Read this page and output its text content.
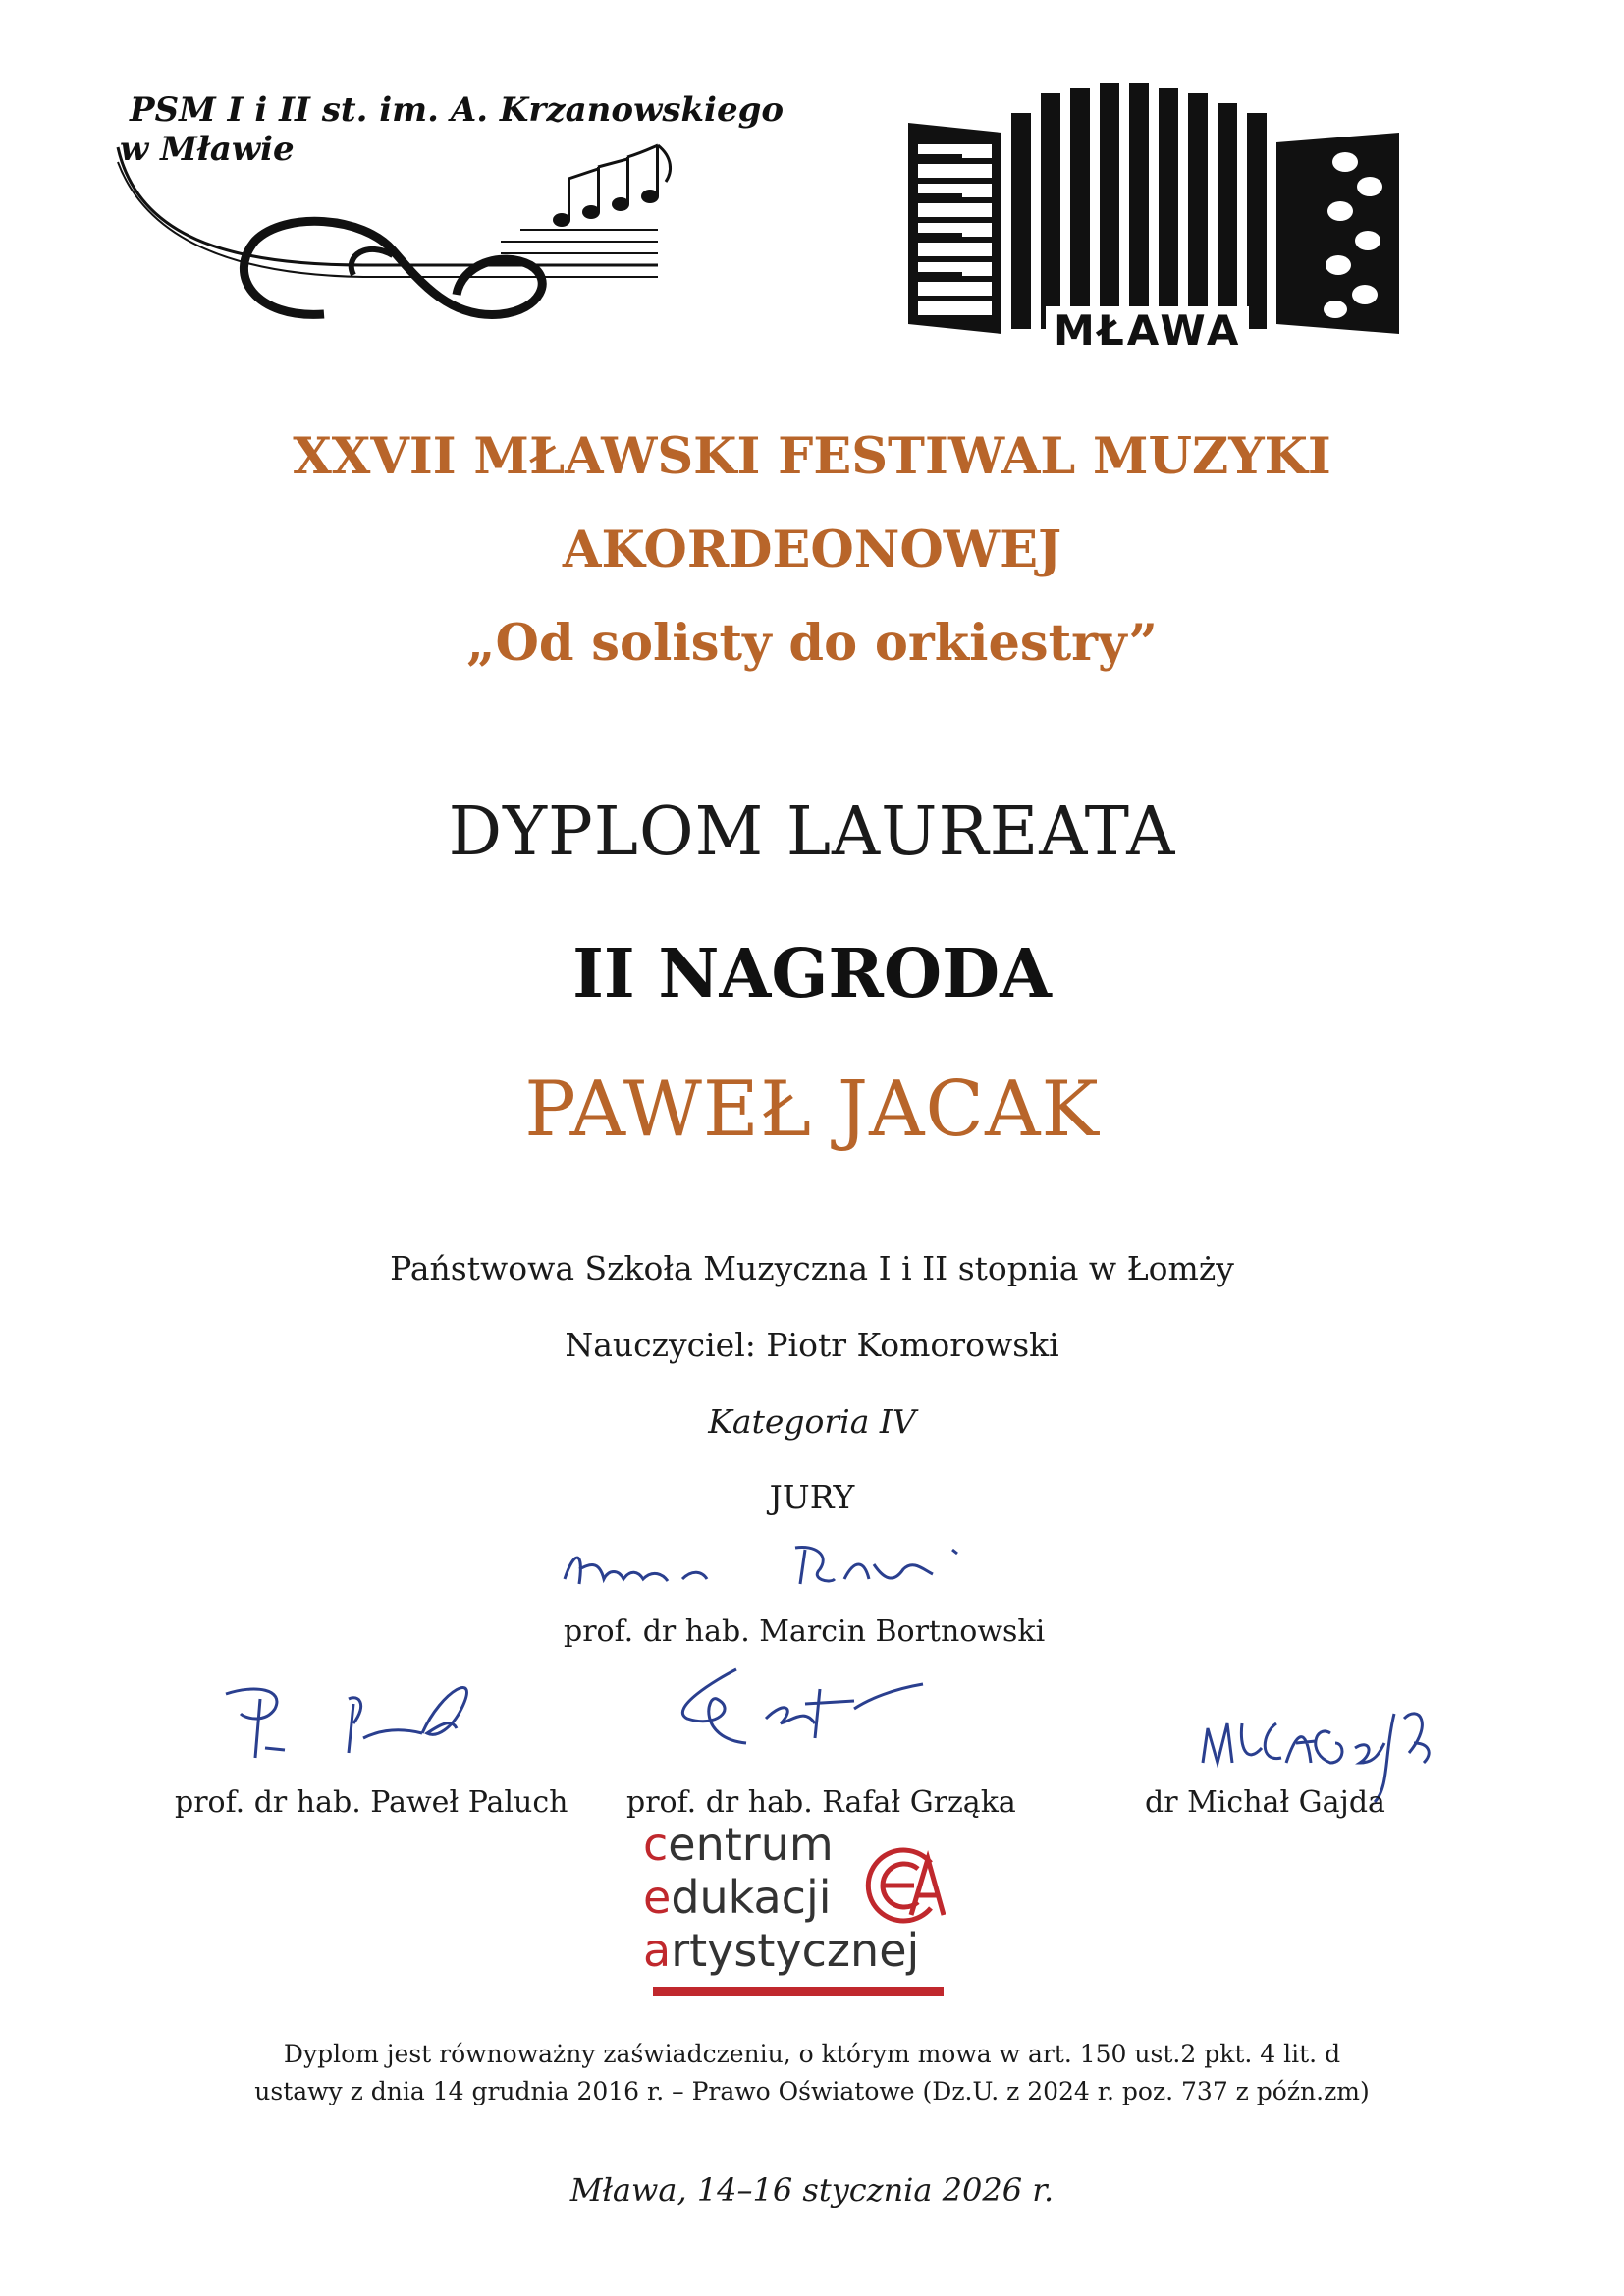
PSM I i II st. im. A. Krzanowskiego
w Mławie
MŁAWA
XXVII MŁAWSKI FESTIWAL MUZYKI
AKORDEONOWEJ
„Od solisty do orkiestry”
DYPLOM LAUREATA
II NAGRODA
PAWEŁ JACAK
Państwowa Szkoła Muzyczna I i II stopnia w Łomży
Nauczyciel: Piotr Komorowski
Kategoria IV
JURY
prof. dr hab. Marcin Bortnowski
prof. dr hab. Paweł Paluch prof. dr hab. Rafał Grząka	dr Michał Gajda
centrum
edukacji
artystycznej
Dyplom jest równoważny zaświadczeniu, o którym mowa w art. 150 ust.2 pkt. 4 lit. d
ustawy z dnia 14 grudnia 2016 r. – Prawo Oświatowe (Dz.U. z 2024 r. poz. 737 z późn.zm)
Mława, 14–16 stycznia 2026 r.
